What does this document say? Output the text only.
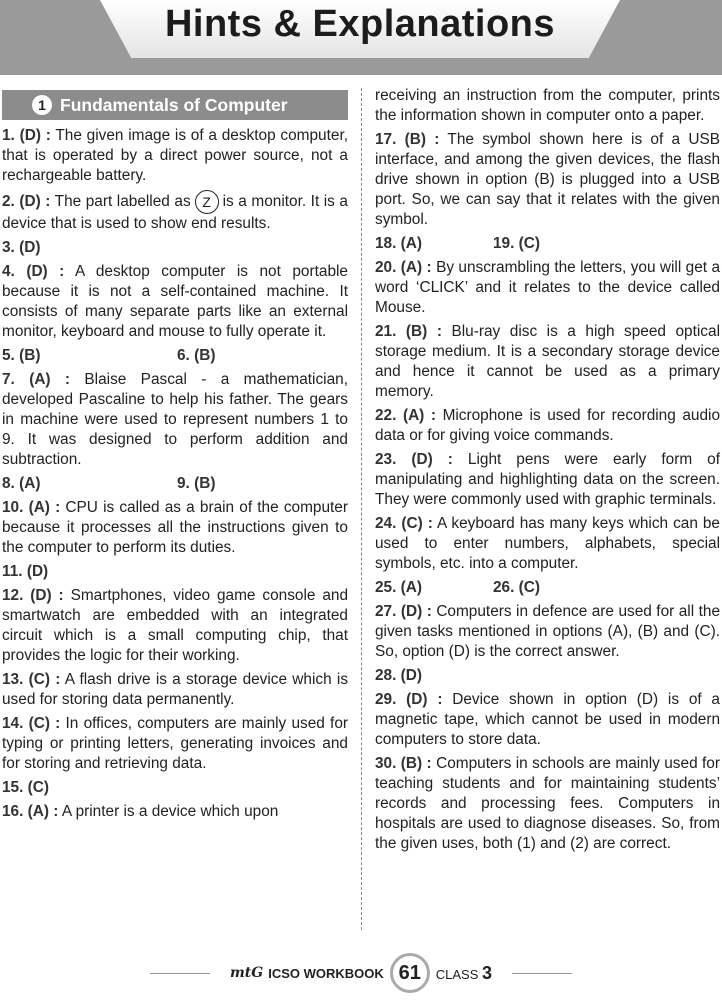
Hints & Explanations
1 Fundamentals of Computer

1. (D) : The given image is of a desktop computer, that is operated by a direct power source, not a rechargeable battery.

2. (D) : The part labelled as Z is a monitor. It is a device that is used to show end results.

3. (D)

4. (D) : A desktop computer is not portable because it is not a self-contained machine. It consists of many separate parts like an external monitor, keyboard and mouse to fully operate it.

5. (B)	6. (B)

7. (A) : Blaise Pascal - a mathematician, developed Pascaline to help his father. The gears in machine were used to represent numbers 1 to 9. It was designed to perform addition and subtraction.

8. (A)	9. (B)

10. (A) : CPU is called as a brain of the computer because it processes all the instructions given to the computer to perform its duties.

11. (D)

12. (D) : Smartphones, video game console and smartwatch are embedded with an integrated circuit which is a small computing chip, that provides the logic for their working.

13. (C) : A flash drive is a storage device which is used for storing data permanently.

14. (C) : In offices, computers are mainly used for typing or printing letters, generating invoices and for storing and retrieving data.

15. (C)

16. (A) : A printer is a device which upon

receiving an instruction from the computer, prints the information shown in computer onto a paper.

17. (B) : The symbol shown here is of a USB interface, and among the given devices, the flash drive shown in option (B) is plugged into a USB port. So, we can say that it relates with the given symbol.

18. (A)	19. (C)

20. (A) : By unscrambling the letters, you will get a word ‘CLICK’ and it relates to the device called Mouse.

21. (B) : Blu-ray disc is a high speed optical storage medium. It is a secondary storage device and hence it cannot be used as a primary memory.

22. (A) : Microphone is used for recording audio data or for giving voice commands.

23. (D) : Light pens were early form of manipulating and highlighting data on the screen. They were commonly used with graphic terminals.

24. (C) : A keyboard has many keys which can be used to enter numbers, alphabets, special symbols, etc. into a computer.

25. (A)	26. (C)

27. (D) : Computers in defence are used for all the given tasks mentioned in options (A), (B) and (C). So, option (D) is the correct answer.

28. (D)

29. (D) : Device shown in option (D) is of a magnetic tape, which cannot be used in modern computers to store data.

30. (B) : Computers in schools are mainly used for teaching students and for maintaining students’ records and processing fees. Computers in hospitals are used to diagnose diseases. So, from the given uses, both (1) and (2) are correct.

mtG ICSO WORKBOOK 61	CLASS 3
